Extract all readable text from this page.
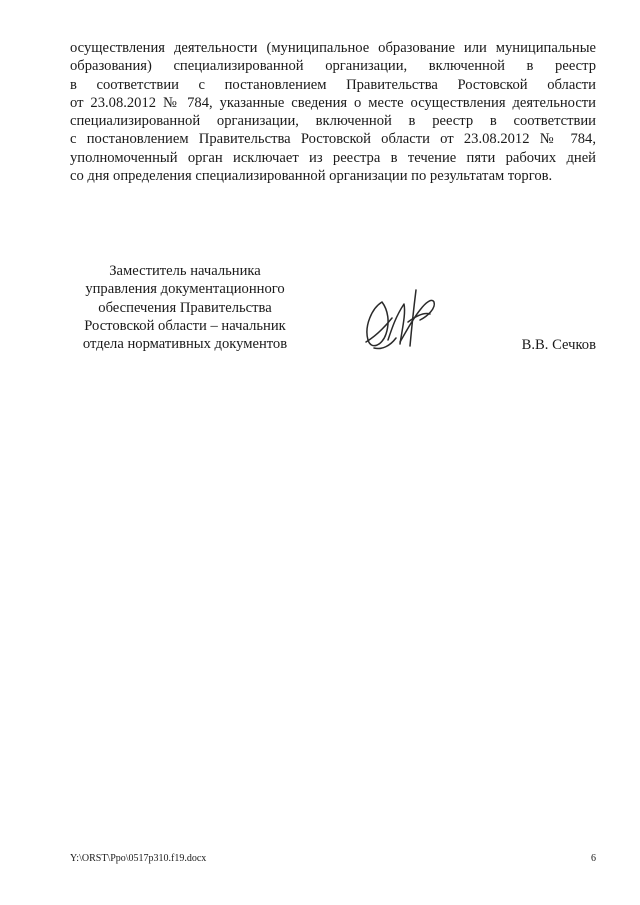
осуществления деятельности (муниципальное образование или муниципальные
образования) специализированной организации, включенной в реестр
в соответствии с постановлением Правительства Ростовской области
от 23.08.2012 № 784, указанные сведения о месте осуществления деятельности
специализированной организации, включенной в реестр в соответствии
с постановлением Правительства Ростовской области от 23.08.2012 № 784,
уполномоченный орган исключает из реестра в течение пяти рабочих дней
со дня определения специализированной организации по результатам торгов.
Заместитель начальника
управления документационного
обеспечения Правительства
Ростовской области – начальник
отдела нормативных документов	В.В. Сечков
Y:\ORST\Ppo\0517p310.f19.docx	6
